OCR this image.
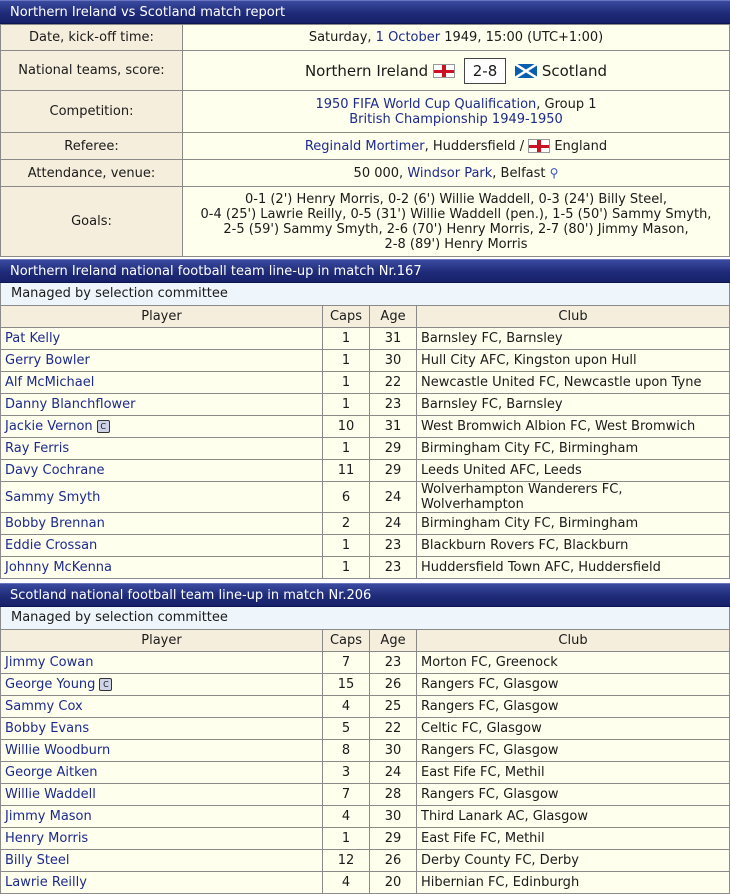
Northern Ireland vs Scotland match report
Date, kick-off time:	Saturday, 1 October 1949, 15:00 (UTC+1:00)
National teams, score:	Northern Ireland 2-8 Scotland
Competition:	1950 FIFA World Cup Qualification, Group 1
British Championship 1949-1950
Referee:	Reginald Mortimer, Huddersfield /  England
Attendance, venue:	50 000, Windsor Park, Belfast ⚲
Goals:	0-1 (2') Henry Morris, 0-2 (6') Willie Waddell, 0-3 (24') Billy Steel,
0-4 (25') Lawrie Reilly, 0-5 (31') Willie Waddell (pen.), 1-5 (50') Sammy Smyth,
2-5 (59') Sammy Smyth, 2-6 (70') Henry Morris, 2-7 (80') Jimmy Mason,
2-8 (89') Henry Morris
Northern Ireland national football team line-up in match Nr.167
Managed by selection committee
Player	Caps	Age	Club
Pat Kelly	1	31	Barnsley FC, Barnsley
Gerry Bowler	1	30	Hull City AFC, Kingston upon Hull
Alf McMichael	1	22	Newcastle United FC, Newcastle upon Tyne
Danny Blanchflower	1	23	Barnsley FC, Barnsley
Jackie Vernon C	10	31	West Bromwich Albion FC, West Bromwich
Ray Ferris	1	29	Birmingham City FC, Birmingham
Davy Cochrane	11	29	Leeds United AFC, Leeds
Sammy Smyth	6	24	Wolverhampton Wanderers FC, Wolverhampton
Bobby Brennan	2	24	Birmingham City FC, Birmingham
Eddie Crossan	1	23	Blackburn Rovers FC, Blackburn
Johnny McKenna	1	23	Huddersfield Town AFC, Huddersfield
Scotland national football team line-up in match Nr.206
Managed by selection committee
Player	Caps	Age	Club
Jimmy Cowan	7	23	Morton FC, Greenock
George Young C	15	26	Rangers FC, Glasgow
Sammy Cox	4	25	Rangers FC, Glasgow
Bobby Evans	5	22	Celtic FC, Glasgow
Willie Woodburn	8	30	Rangers FC, Glasgow
George Aitken	3	24	East Fife FC, Methil
Willie Waddell	7	28	Rangers FC, Glasgow
Jimmy Mason	4	30	Third Lanark AC, Glasgow
Henry Morris	1	29	East Fife FC, Methil
Billy Steel	12	26	Derby County FC, Derby
Lawrie Reilly	4	20	Hibernian FC, Edinburgh
